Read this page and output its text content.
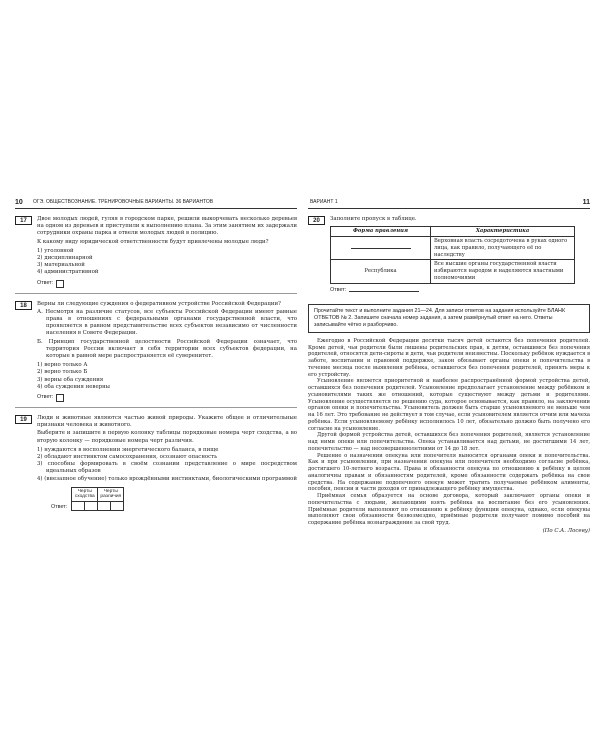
10 ОГЭ. ОБЩЕСТВОЗНАНИЕ. ТРЕНИРОВОЧНЫЕ ВАРИАНТЫ. 36 ВАРИАНТОВ
17	Двое молодых людей, гуляя в городском парке, решили выкорчевать несколько деревьев на одном из деревьев и приступили к выполнению плана. За этим занятием их задержали сотрудники охраны парка и отвели молодых людей в полицию.

К какому виду юридической ответственности будут привлечены молодые люди?

1) уголовной
2) дисциплинарной
3) материальной
4) административной
Ответ:
18	Верны ли следующие суждения о федеративном устройстве Российской Федерации?

А. Несмотря на различие статусов, все субъекты Российской Федерации имеют равные права в отношениях с федеральными органами государственной власти, что проявляется в равном представительстве всех субъектов независимо от численности населения в Совете Федерации.

Б. Принцип государственной целостности Российской Федерации означает, что территория России включает в себя территории всех субъектов федерации, на которые в равной мере распространяется её суверенитет.

1) верно только А
2) верно только Б
3) верны оба суждения
4) оба суждения неверны
Ответ:
19	Люди и животные являются частью живой природы. Укажите общее и отличительные признаки человека и животного.

Выберите и запишите в первую колонку таблицы порядковые номера черт сходства, а во вторую колонку — порядковые номера черт различия.

1) нуждаются в восполнении энергетического баланса, в пище

2) обладают инстинктом самосохранения, осознают опасность

3) способны формировать в своём сознании представление о мире посредством идеальных образов

4) (внезапное обучение) только врождёнными инстинктами, биологическими программой

Ответ:
Черты сходства		Черты различия	

ВАРИАНТ 1	11
20	Заполните пропуск в таблице.

Форма правления	Характеристика
	Верховная власть сосредоточена в руках одного лица, как правило, получающего её по наследству
Республика	Все высшие органы государственной власти избираются народом и наделяются властными полномочиями
Ответ:
Прочитайте текст и выполните задания 21—24. Для записи ответов на задания используйте БЛАНК ОТВЕТОВ № 2. Запишите сначала номер задания, а затем развёрнутый ответ на него. Ответы записывайте чётко и разборчиво.

Ежегодно в Российской Федерации десятки тысяч детей остаются без попечения родителей. Кроме детей, чьи родители были лишены родительских прав, к детям, оставшимся без попечения родителей, относятся дети-сироты и дети, чьи родители неизвестны. Поскольку ребёнок нуждается в заботе, воспитании и правовой поддержке, закон обязывает органы опеки и попечительства в течение месяца после выявления ребёнка, оставшегося без попечения родителей, принять меры к его устройству.

Усыновление является приоритетной и наиболее распространённой формой устройства детей, оставшихся без попечения родителей. Усыновление предполагает установление между ребёнком и усыновителями таких же отношений, которые существуют между детьми и родителями. Усыновление осуществляется по решению суда, которое основывается, как правило, на заключении органов опеки и попечительства. Усыновитель должен быть старше усыновляемого не меньше чем на 16 лет. Это требование не действует в том случае, если усыновителем является отчим или мачеха ребёнка. Если усыновляемому ребёнку исполнилось 10 лет, обязательно должно быть получено его согласие на усыновление.

Другой формой устройства детей, оставшихся без попечения родителей, является установление над ними опеки или попечительства. Опека устанавливается над детьми, не достигшими 14 лет, попечительство — над несовершеннолетними от 14 до 18 лет.

Решение о назначении опекуна или попечителя выносится органами опеки и попечительства. Как и при усыновлении, при назначении опекуна или попечителя необходимо согласие ребёнка, достигшего 10-летнего возраста. Права и обязанности опекуна по отношению к ребёнку в целом аналогичны правам и обязанностям родителей, кроме обязанности содержать ребёнка на свои средства. На содержание подопечного опекун может тратить получаемые ребёнком алименты, пособия, пенсии и части доходов от принадлежащего ребёнку имущества.

Приёмная семья образуется на основе договора, который заключают органы опеки и попечительства с людьми, желающими взять ребёнка на воспитание без его усыновления. Приёмные родители выполняют по отношению к ребёнку функции опекуна, однако, если опекуны выполняют свои обязанности безвозмездно, приёмные родители получают помимо пособий на содержание ребёнка вознаграждение за свой труд.

(По С.А. Лосеву)
